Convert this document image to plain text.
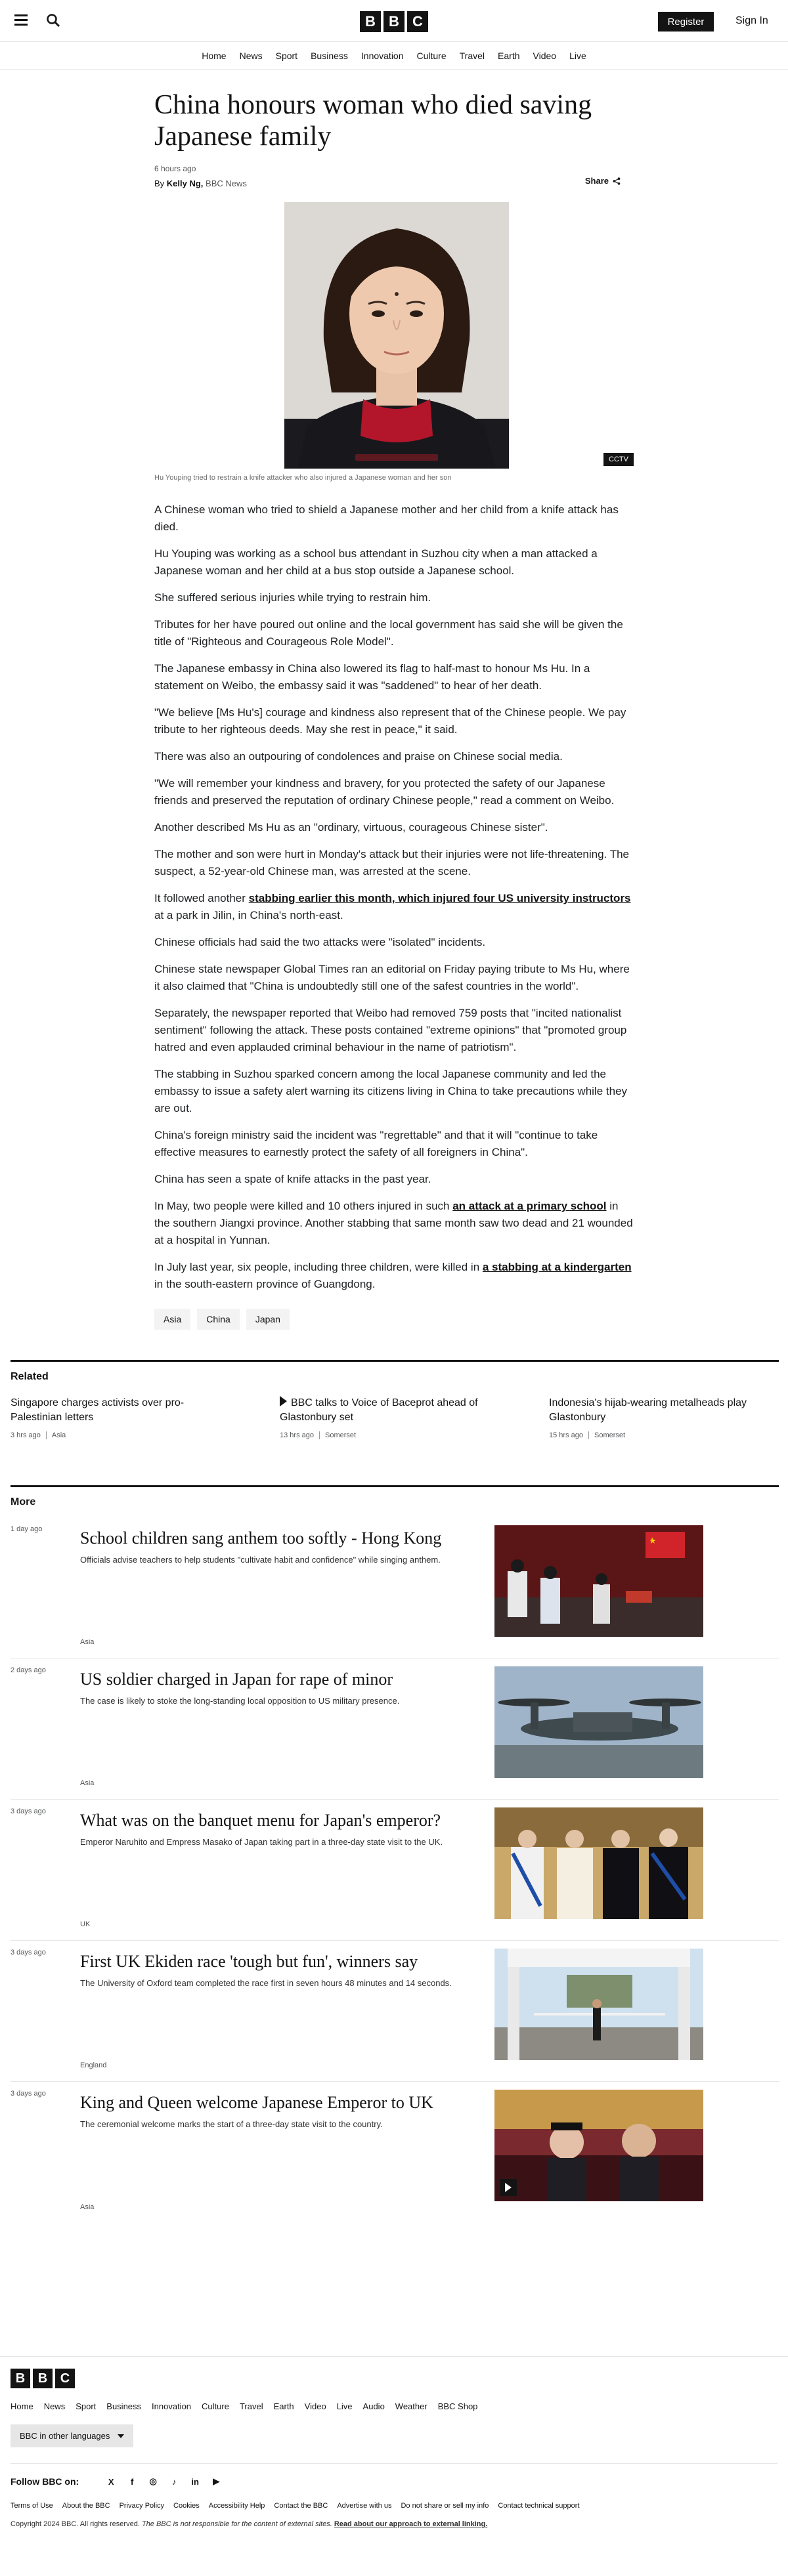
B B C	Register	Sign In
Home News Sport Business Innovation Culture Travel Earth Video Live
China honours woman who died saving Japanese family
6 hours ago
By Kelly Ng, BBC News	Share
CCTV
Hu Youping tried to restrain a knife attacker who also injured a Japanese woman and her son

A Chinese woman who tried to shield a Japanese mother and her child from a knife attack has died.

Hu Youping was working as a school bus attendant in Suzhou city when a man attacked a Japanese woman and her child at a bus stop outside a Japanese school.

She suffered serious injuries while trying to restrain him.

Tributes for her have poured out online and the local government has said she will be given the title of "Righteous and Courageous Role Model".

The Japanese embassy in China also lowered its flag to half-mast to honour Ms Hu. In a statement on Weibo, the embassy said it was "saddened" to hear of her death.

"We believe [Ms Hu's] courage and kindness also represent that of the Chinese people. We pay tribute to her righteous deeds. May she rest in peace," it said.

There was also an outpouring of condolences and praise on Chinese social media.

"We will remember your kindness and bravery, for you protected the safety of our Japanese friends and preserved the reputation of ordinary Chinese people," read a comment on Weibo.

Another described Ms Hu as an "ordinary, virtuous, courageous Chinese sister".

The mother and son were hurt in Monday's attack but their injuries were not life-threatening. The suspect, a 52-year-old Chinese man, was arrested at the scene.

It followed another stabbing earlier this month, which injured four US university instructors at a park in Jilin, in China's north-east.

Chinese officials had said the two attacks were "isolated" incidents.

Chinese state newspaper Global Times ran an editorial on Friday paying tribute to Ms Hu, where it also claimed that "China is undoubtedly still one of the safest countries in the world".

Separately, the newspaper reported that Weibo had removed 759 posts that "incited nationalist sentiment" following the attack. These posts contained "extreme opinions" that "promoted group hatred and even applauded criminal behaviour in the name of patriotism".

The stabbing in Suzhou sparked concern among the local Japanese community and led the embassy to issue a safety alert warning its citizens living in China to take precautions while they are out.

China's foreign ministry said the incident was "regrettable" and that it will "continue to take effective measures to earnestly protect the safety of all foreigners in China".

China has seen a spate of knife attacks in the past year.

In May, two people were killed and 10 others injured in such an attack at a primary school in the southern Jiangxi province. Another stabbing that same month saw two dead and 21 wounded at a hospital in Yunnan.

In July last year, six people, including three children, were killed in a stabbing at a kindergarten in the south-eastern province of Guangdong.

Asia	China	Japan
Related
Singapore charges activists over pro-Palestinian letters
3 hrs ago Asia
BBC talks to Voice of Baceprot ahead of Glastonbury set
13 hrs ago Somerset
Indonesia's hijab-wearing metalheads play Glastonbury
15 hrs ago Somerset
More
1 day ago School children sang anthem too softly - Hong Kong

Officials advise teachers to help students "cultivate habit and confidence" while singing anthem.

Asia
2 days ago US soldier charged in Japan for rape of minor

The case is likely to stoke the long-standing local opposition to US military presence.

Asia
3 days ago What was on the banquet menu for Japan's emperor?

Emperor Naruhito and Empress Masako of Japan taking part in a three-day state visit to the UK.

UK
3 days ago First UK Ekiden race 'tough but fun', winners say

The University of Oxford team completed the race first in seven hours 48 minutes and 14 seconds.

England
3 days ago King and Queen welcome Japanese Emperor to UK

The ceremonial welcome marks the start of a three-day state visit to the country.

Asia
B B C
Home News Sport Business Innovation Culture Travel Earth Video Live Audio Weather BBC Shop
BBC in other languages
Follow BBC on:	X	f	◎	♪	in	▶
Terms of Use About the BBC Privacy Policy Cookies Accessibility Help Contact the BBC Advertise with us Do not share or sell my info Contact technical support

Copyright 2024 BBC. All rights reserved. The BBC is not responsible for the content of external sites. Read about our approach to external linking.
